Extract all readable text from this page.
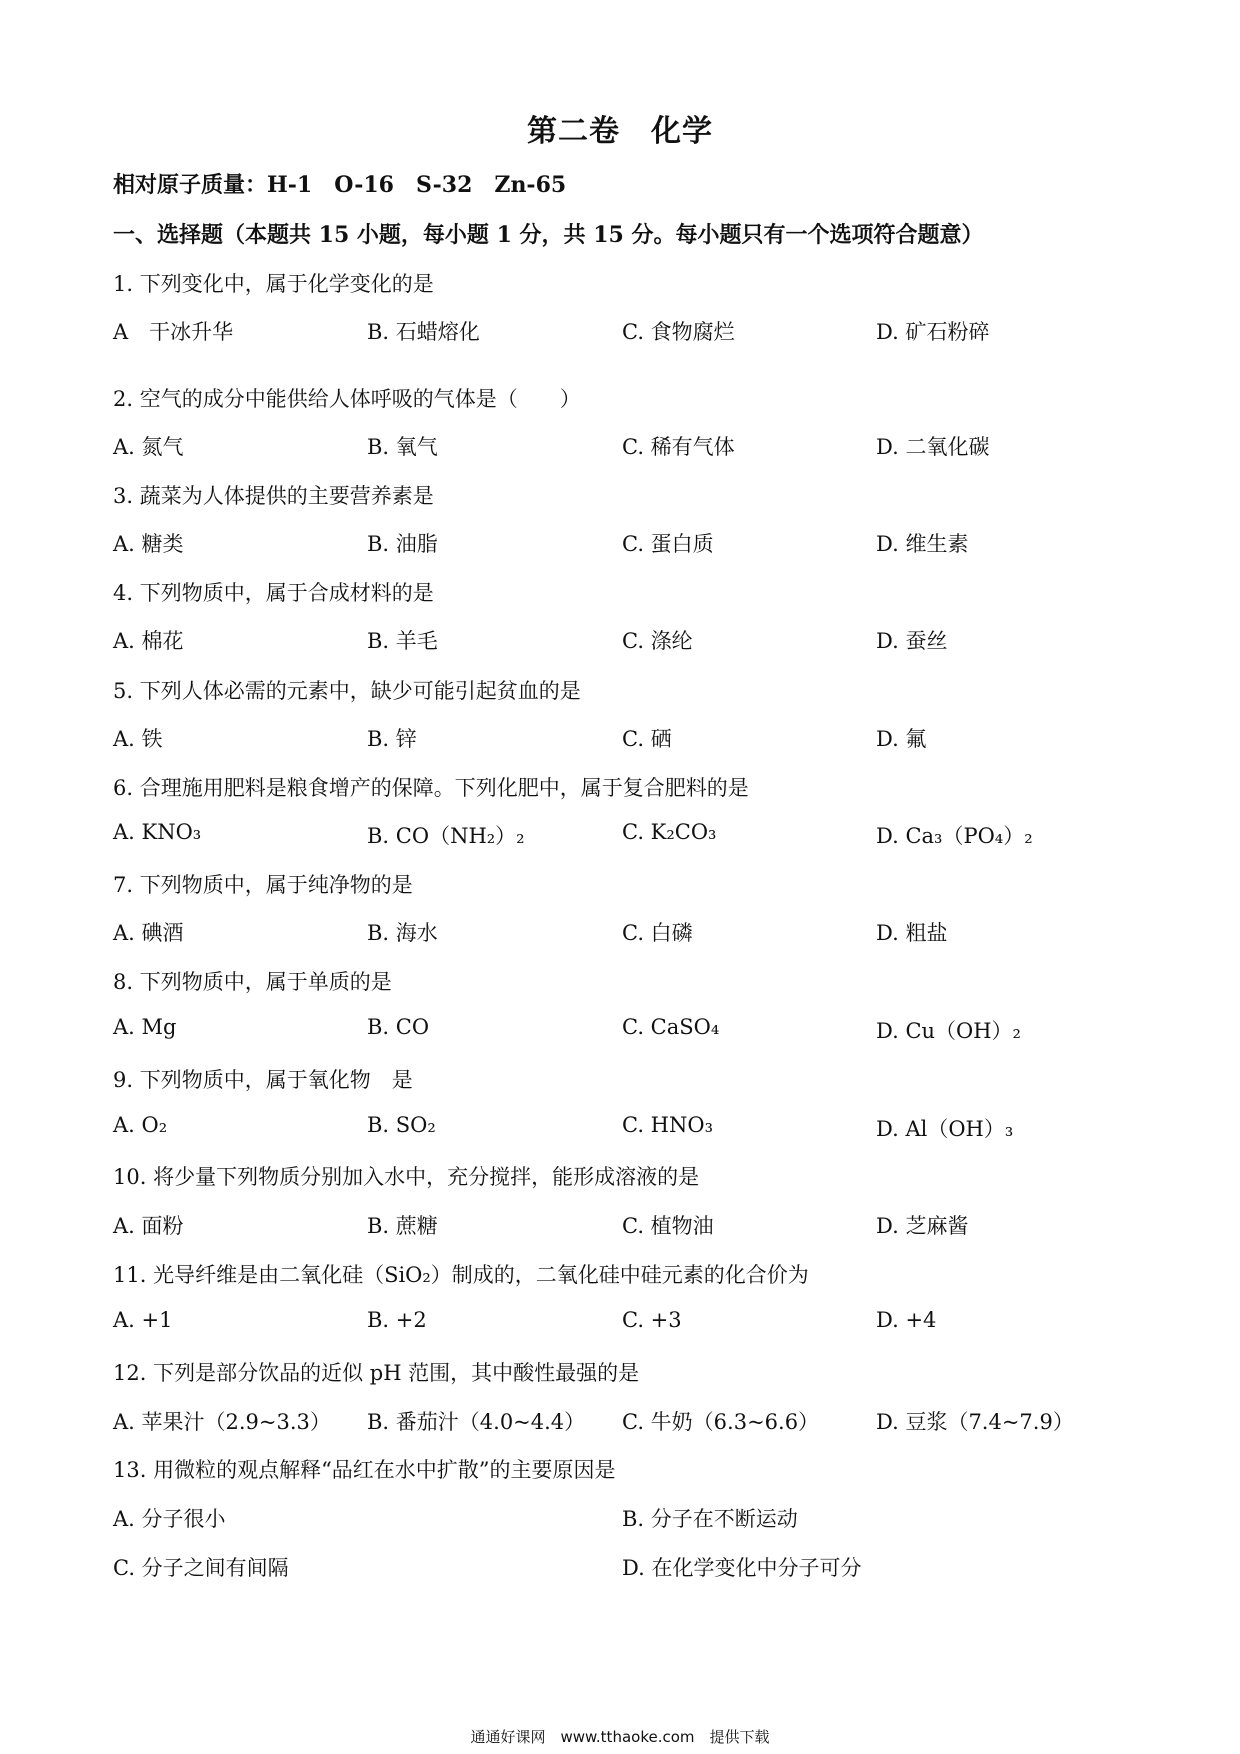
第二卷　化学
相对原子质量：H-1　O-16　S-32　Zn-65
一、选择题（本题共 15 小题，每小题 1 分，共 15 分。每小题只有一个选项符合题意）
1. 下列变化中，属于化学变化的是
A　干冰升华	B. 石蜡熔化	C. 食物腐烂	D. 矿石粉碎
2. 空气的成分中能供给人体呼吸的气体是（　　）
A. 氮气	B. 氧气	C. 稀有气体	D. 二氧化碳
3. 蔬菜为人体提供的主要营养素是
A. 糖类	B. 油脂	C. 蛋白质	D. 维生素
4. 下列物质中，属于合成材料的是
A. 棉花	B. 羊毛	C. 涤纶	D. 蚕丝
5. 下列人体必需的元素中，缺少可能引起贫血的是
A. 铁	B. 锌	C. 硒	D. 氟
6. 合理施用肥料是粮食增产的保障。下列化肥中，属于复合肥料的是
A. KNO₃	B. CO（NH₂）₂	C. K₂CO₃	D. Ca₃（PO₄）₂
7. 下列物质中，属于纯净物的是
A. 碘酒	B. 海水	C. 白磷	D. 粗盐
8. 下列物质中，属于单质的是
A. Mg	B. CO	C. CaSO₄	D. Cu（OH）₂
9. 下列物质中，属于氧化物　是
A. O₂	B. SO₂	C. HNO₃	D. Al（OH）₃
10. 将少量下列物质分别加入水中，充分搅拌，能形成溶液的是
A. 面粉	B. 蔗糖	C. 植物油	D. 芝麻酱
11. 光导纤维是由二氧化硅（SiO₂）制成的，二氧化硅中硅元素的化合价为
A. +1	B. +2	C. +3	D. +4
12. 下列是部分饮品的近似 pH 范围，其中酸性最强的是
A. 苹果汁（2.9~3.3） B. 番茄汁（4.0~4.4） C. 牛奶（6.3~6.6）	D. 豆浆（7.4~7.9）
13. 用微粒的观点解释“品红在水中扩散”的主要原因是
A. 分子很小	B. 分子在不断运动
C. 分子之间有间隔	D. 在化学变化中分子可分
通通好课网　www.tthaoke.com　提供下载
